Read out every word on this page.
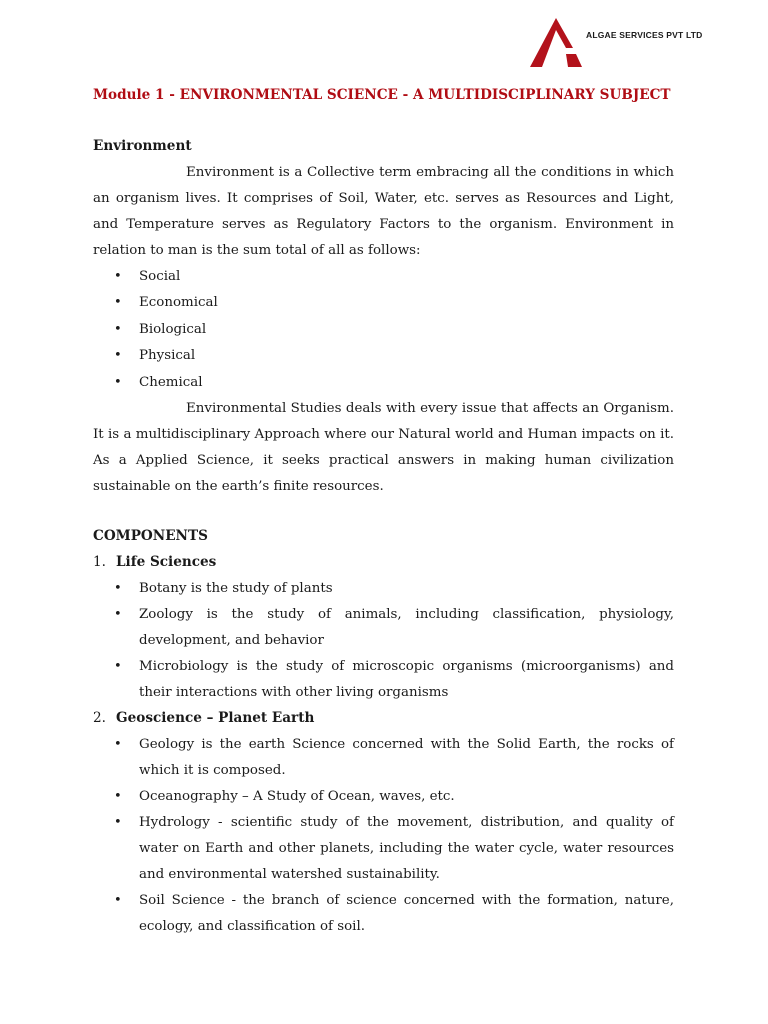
ALGAE SERVICES PVT LTD
Module 1 - ENVIRONMENTAL SCIENCE - A MULTIDISCIPLINARY SUBJECT
Environment
Environment is a Collective term embracing all the conditions in which an organism lives. It comprises of Soil, Water, etc. serves as Resources and Light, and Temperature serves as Regulatory Factors to the organism. Environment in relation to man is the sum total of all as follows:
• Social
• Economical
• Biological
• Physical
• Chemical
Environmental Studies deals with every issue that affects an Organism. It is a multidisciplinary Approach where our Natural world and Human impacts on it. As a Applied Science, it seeks practical answers in making human civilization sustainable on the earth’s finite resources.
COMPONENTS
1. Life Sciences
• Botany is the study of plants
• Zoology is the study of animals, including classification, physiology, development, and behavior
• Microbiology is the study of microscopic organisms (microorganisms) and their interactions with other living organisms
2. Geoscience – Planet Earth
• Geology is the earth Science concerned with the Solid Earth, the rocks of which it is composed.
• Oceanography – A Study of Ocean, waves, etc.
• Hydrology - scientific study of the movement, distribution, and quality of water on Earth and other planets, including the water cycle, water resources and environmental watershed sustainability.
• Soil Science - the branch of science concerned with the formation, nature, ecology, and classification of soil.
